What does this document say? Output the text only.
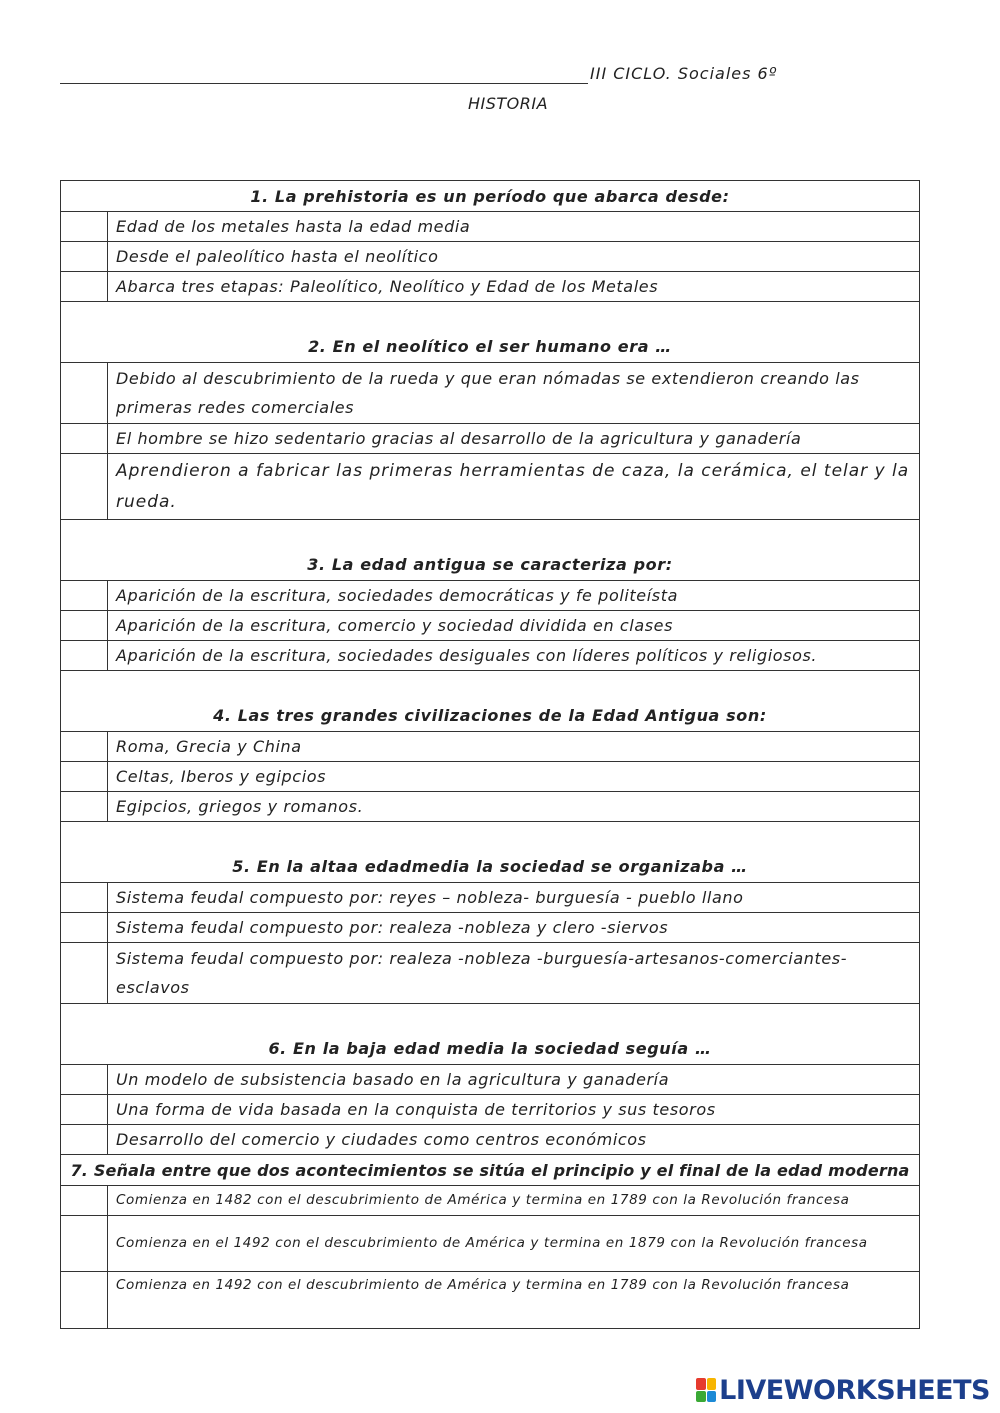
III CICLO. Sociales 6º
HISTORIA
1. La prehistoria es un período que abarca desde:	
	Edad de los metales hasta la edad media
	Desde el paleolítico hasta el neolítico
	Abarca tres etapas: Paleolítico, Neolítico y Edad de los Metales
2. En el neolítico el ser humano era …	
	Debido al descubrimiento de la rueda y que eran nómadas se extendieron creando las primeras redes comerciales
	El hombre se hizo sedentario gracias al desarrollo de la agricultura y ganadería
	Aprendieron a fabricar las primeras herramientas de caza, la cerámica, el telar y la rueda.
3. La edad antigua se caracteriza por:	
	Aparición de la escritura, sociedades democráticas y fe politeísta
	Aparición de la escritura, comercio y sociedad dividida en clases
	Aparición de la escritura, sociedades desiguales con líderes políticos y religiosos.
4. Las tres grandes civilizaciones de la Edad Antigua son:	
	Roma, Grecia y China
	Celtas, Iberos y egipcios
	Egipcios, griegos y romanos.
5. En la altaa edadmedia la sociedad se organizaba …	
	Sistema feudal compuesto por: reyes – nobleza- burguesía - pueblo llano
	Sistema feudal compuesto por: realeza -nobleza y clero -siervos
	Sistema feudal compuesto por: realeza -nobleza -burguesía-artesanos-comerciantes-esclavos
6. En la baja edad media la sociedad seguía …	
	Un modelo de subsistencia basado en la agricultura y ganadería
	Una forma de vida basada en la conquista de territorios y sus tesoros
	Desarrollo del comercio y ciudades como centros económicos
7. Señala entre que dos acontecimientos se sitúa el principio y el final de la edad moderna	
	Comienza en 1482 con el descubrimiento de América y termina en 1789 con la Revolución francesa
	Comienza en el 1492 con el descubrimiento de América y termina en 1879 con la Revolución francesa
	Comienza en 1492 con el descubrimiento de América y termina en 1789 con la Revolución francesa
LIVEWORKSHEETS
